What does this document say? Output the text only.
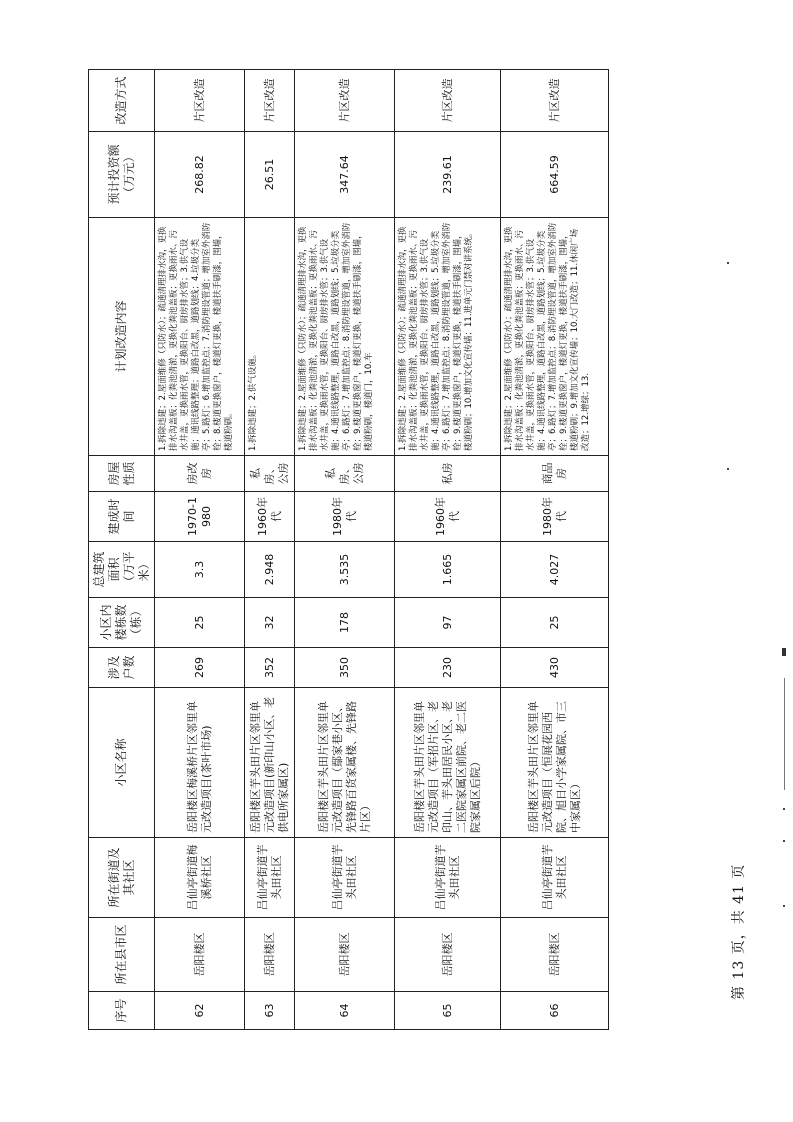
序号	所在县市区	所在街道及其社区	小区名称	涉及户数	小区内楼栋数（栋）	总建筑面积（万平米）	建成时间	房屋性质	计划改造内容	预计投资额（万元）	改造方式
62	岳阳楼区	吕仙亭街道梅溪桥社区	岳阳楼区梅溪桥片区邻里单元改造项目(茶叶市场)	269	25	3.3	1970-1980	房改房	1.拆除违建；2.屋面维修（只防水）；疏通清理排水沟，更换排水沟盖板；化粪池清淤，更换化粪池盖板；更换雨水、污水井盖，更换雨水管，更换阳台、厨房排水管；3.供气设施；通讯线路整理；道路白改黑，道路划线；4.垃圾分类亭；5.路灯；6.增加监控点；7.消防埋设管道；增加室外消防栓；8.楼道更换窗户，楼道灯更换，楼道扶手刷漆，围墙，楼道粉刷。	268.82	片区改造
63	岳阳楼区	吕仙亭街道芋头田社区	岳阳楼区芋头田片区邻里单元改造项目(新印山小区、老供电所家属区)	352	32	2.948	1960年代	私房、公房	1.拆除违建；2.供气设施。	26.51	片区改造
64	岳阳楼区	吕仙亭街道芋头田社区	岳阳楼区芋头田片区邻里单元改造项目（鄢家巷小区、先锋路百货家属楼、先锋路片区）	350	178	3.535	1980年代	私房、公房	1.拆除违建；2.屋面维修（只防水）；疏通清理排水沟，更换排水沟盖板；化粪池清淤，更换化粪池盖板；更换雨水、污水井盖，更换雨水管，更换阳台、厨房排水管；3.供气设施；4.通讯线路整理，道路白改黑，道路划线；5.垃圾分类亭；6.路灯；7.增加监控点；8.消防埋设管道，增加室外消防栓；9.楼道更换窗户，楼道灯更换，楼道扶手刷漆，围墙，楼道粉刷，楼道门，10.车	347.64	片区改造
65	岳阳楼区	吕仙亭街道芋头田社区	岳阳楼区芋头田片区邻里单元改造项目（军招片区、老印山、芋头田居民小区、老二医院家属区前院、老二医院家属区后院）	230	97	1.665	1960年代	私房	1.拆除违建；2.屋面维修（只防水）；疏通清理排水沟，更换排水沟盖板；化粪池清淤，更换化粪池盖板；更换雨水、污水井盖，更换雨水管，更换阳台、厨房排水管；3.供气设施；4.通讯线路整理，道路白改黑，道路划线；5.垃圾分类亭；6.路灯；7.增加监控点；8.消防埋设管道，增加室外消防栓；9.楼道更换窗户，楼道灯更换，楼道扶手刷漆，围墙，楼道粉刷；10.增加文化宣传墙；11.进单元门禁对讲系统。	239.61	片区改造
66	岳阳楼区	吕仙亭街道芋头田社区	岳阳楼区芋头田片区邻里单元改造项目（恒展花园西院、旭日小学家属院、市三中家属区）	430	25	4.027	1980年代	商品房	1.拆除违建；2.屋面维修（只防水）；疏通清理排水沟，更换排水沟盖板；化粪池清淤，更换化粪池盖板；更换雨水、污水井盖，更换雨水管，更换阳台、厨房排水管；3.供气设施；4.通讯线路整理，道路白改黑，道路划线；5.垃圾分类亭；6.路灯；7.增加监控点；8.消防埋设管道，增加室外消防栓；9.楼道更换窗户，楼道灯更换，楼道扶手刷漆，围墙，楼道粉刷；9.增加文化宣传墙；10.大门改造；11.休闲广场改造；12.增绿；13.	664.59	片区改造
第 13 页，共 41 页
